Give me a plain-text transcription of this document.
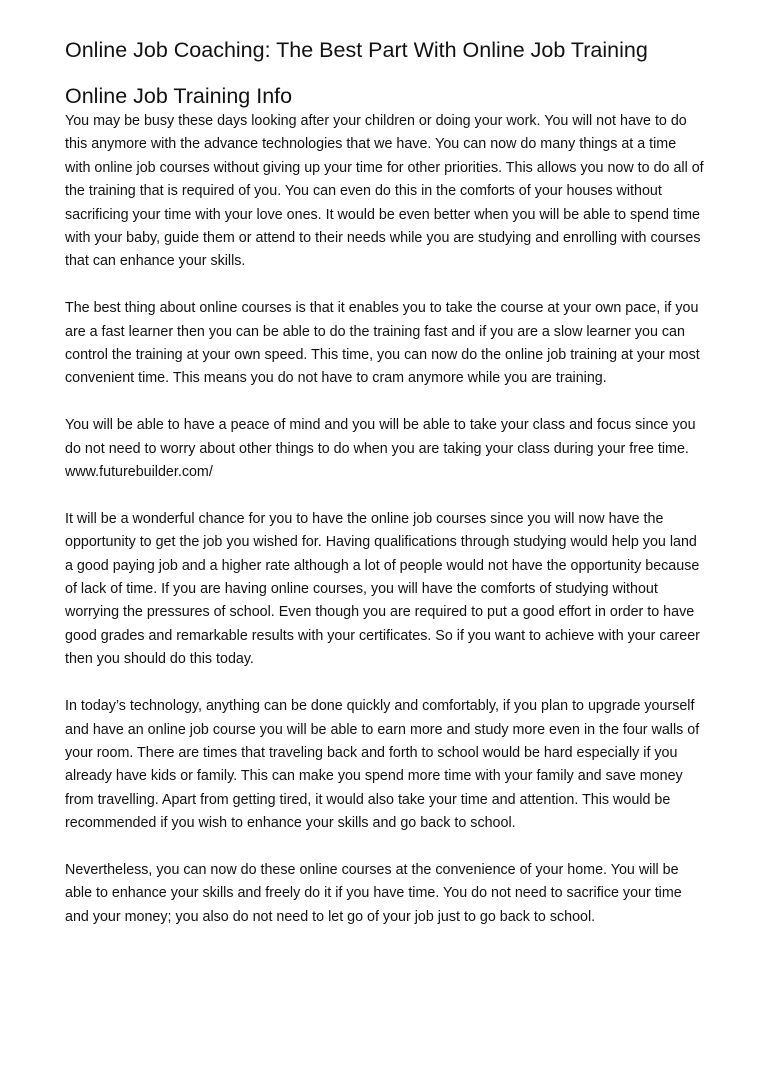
Online Job Coaching: The Best Part With Online Job Training
Online Job Training Info

You may be busy these days looking after your children or doing your work. You will not have to do this anymore with the advance technologies that we have. You can now do many things at a time with online job courses without giving up your time for other priorities. This allows you now to do all of the training that is required of you. You can even do this in the comforts of your houses without sacrificing your time with your love ones. It would be even better when you will be able to spend time with your baby, guide them or attend to their needs while you are studying and enrolling with courses that can enhance your skills.

The best thing about online courses is that it enables you to take the course at your own pace, if you are a fast learner then you can be able to do the training fast and if you are a slow learner you can control the training at your own speed. This time, you can now do the online job training at your most convenient time. This means you do not have to cram anymore while you are training.

You will be able to have a peace of mind and you will be able to take your class and focus since you do not need to worry about other things to do when you are taking your class during your free time.
www.futurebuilder.com/

It will be a wonderful chance for you to have the online job courses since you will now have the opportunity to get the job you wished for. Having qualifications through studying would help you land a good paying job and a higher rate although a lot of people would not have the opportunity because of lack of time. If you are having online courses, you will have the comforts of studying without worrying the pressures of school. Even though you are required to put a good effort in order to have good grades and remarkable results with your certificates. So if you want to achieve with your career then you should do this today.

In today’s technology, anything can be done quickly and comfortably, if you plan to upgrade yourself and have an online job course you will be able to earn more and study more even in the four walls of your room. There are times that traveling back and forth to school would be hard especially if you already have kids or family. This can make you spend more time with your family and save money from travelling. Apart from getting tired, it would also take your time and attention. This would be recommended if you wish to enhance your skills and go back to school.

Nevertheless, you can now do these online courses at the convenience of your home. You will be able to enhance your skills and freely do it if you have time. You do not need to sacrifice your time and your money; you also do not need to let go of your job just to go back to school.
